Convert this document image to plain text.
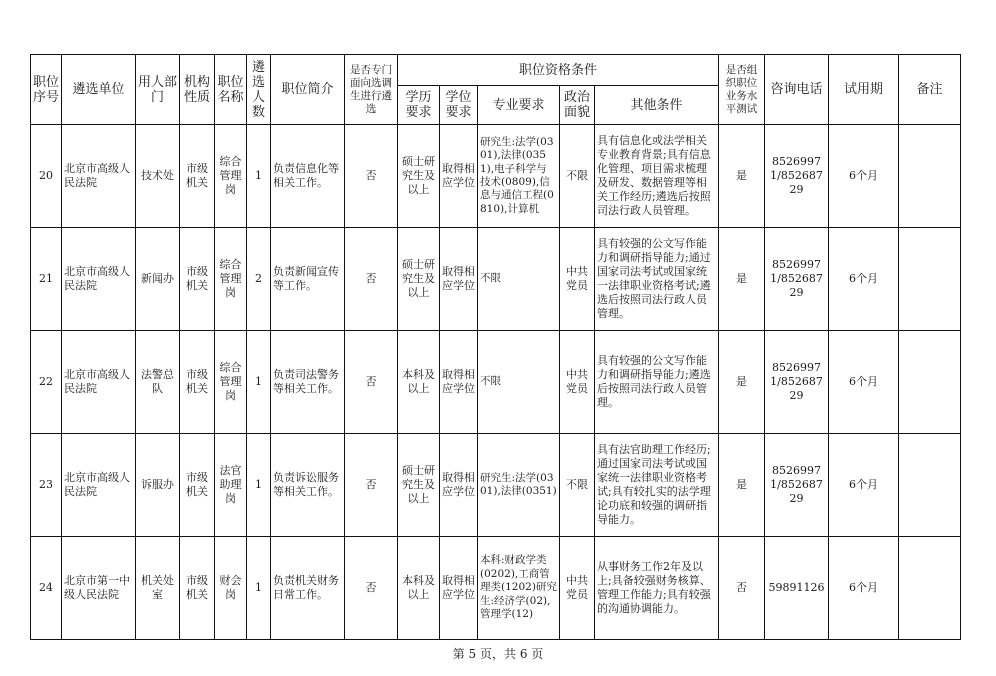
职位序号	遴选单位	用人部门	机构性质	职位名称	遴选人数	职位简介	是否专门面向选调生进行遴选	职位资格条件					是否组织职位业务水平测试	咨询电话	试用期	备注
								学历要求	学位要求	专业要求	政治面貌	其他条件				
20	北京市高级人民法院	技术处	市级机关	综合管理岗	1	负责信息化等相关工作。	否	硕士研究生及以上	取得相应学位	研究生:法学(0301),法律(0351),电子科学与技术(0809),信息与通信工程(0810),计算机	不限	具有信息化或法学相关专业教育背景;具有信息化管理、项目需求梳理及研发、数据管理等相关工作经历;遴选后按照司法行政人员管理。	是	85269971/85268729	6个月	
21	北京市高级人民法院	新闻办	市级机关	综合管理岗	2	负责新闻宣传等工作。	否	硕士研究生及以上	取得相应学位	不限	中共党员	具有较强的公文写作能力和调研指导能力;通过国家司法考试或国家统一法律职业资格考试;遴选后按照司法行政人员管理。	是	85269971/85268729	6个月	
22	北京市高级人民法院	法警总队	市级机关	综合管理岗	1	负责司法警务等相关工作。	否	本科及以上	取得相应学位	不限	中共党员	具有较强的公文写作能力和调研指导能力;遴选后按照司法行政人员管理。	是	85269971/85268729	6个月	
23	北京市高级人民法院	诉服办	市级机关	法官助理岗	1	负责诉讼服务等相关工作。	否	硕士研究生及以上	取得相应学位	研究生:法学(0301),法律(0351)	不限	具有法官助理工作经历;通过国家司法考试或国家统一法律职业资格考试;具有较扎实的法学理论功底和较强的调研指导能力。	是	85269971/85268729	6个月	
24	北京市第一中级人民法院	机关处室	市级机关	财会岗	1	负责机关财务日常工作。	否	本科及以上	取得相应学位	本科:财政学类(0202),工商管理类(1202)研究生:经济学(02),管理学(12)	中共党员	从事财务工作2年及以上;具备较强财务核算、管理工作能力;具有较强的沟通协调能力。	否	59891126	6个月	
第 5 页，共 6 页
